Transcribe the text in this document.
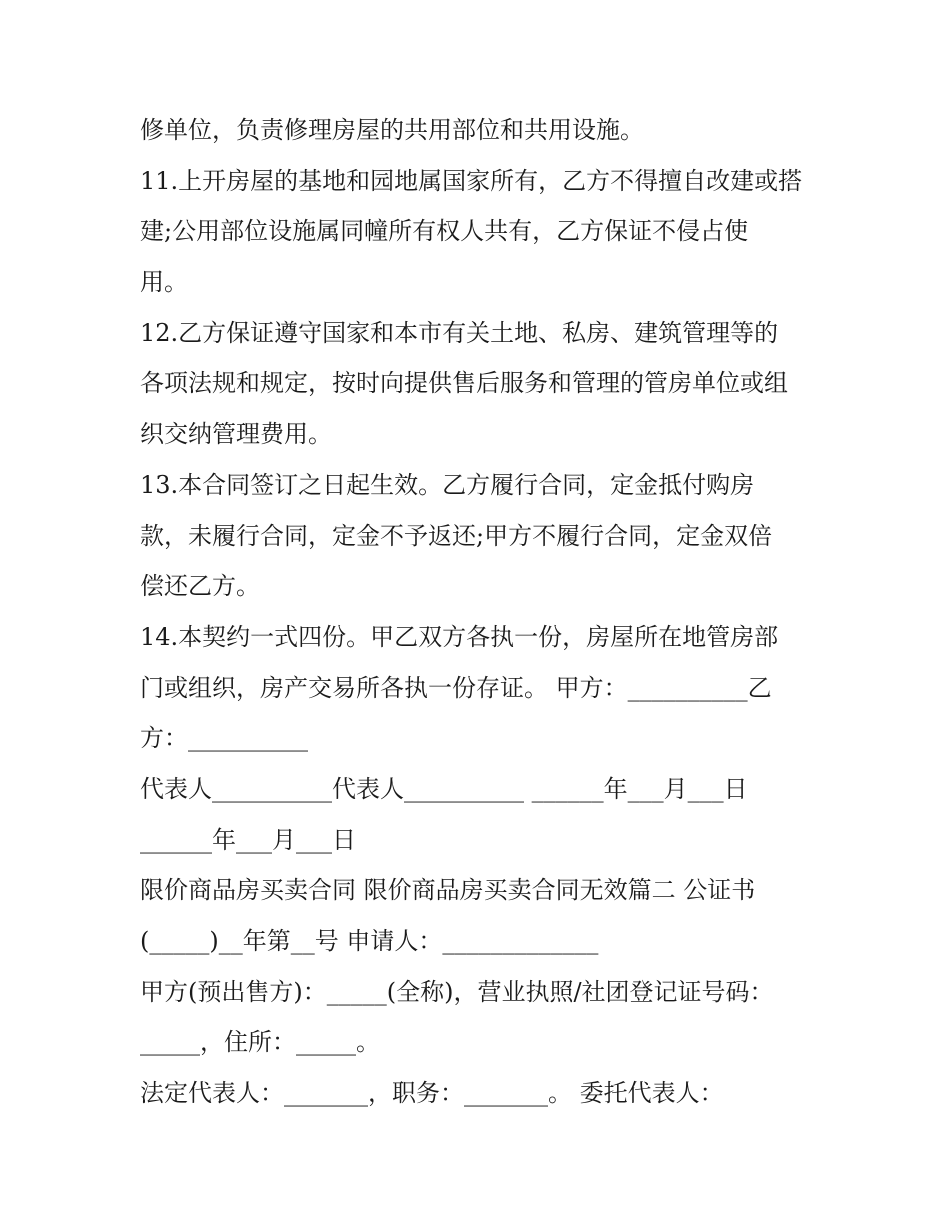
修单位，负责修理房屋的共用部位和共用设施。
11.上开房屋的基地和园地属国家所有，乙方不得擅自改建或搭
建;公用部位设施属同幢所有权人共有，乙方保证不侵占使
用。
12.乙方保证遵守国家和本市有关土地、私房、建筑管理等的
各项法规和规定，按时向提供售后服务和管理的管房单位或组
织交纳管理费用。
13.本合同签订之日起生效。乙方履行合同，定金抵付购房
款，未履行合同，定金不予返还;甲方不履行合同，定金双倍
偿还乙方。
14.本契约一式四份。甲乙双方各执一份，房屋所在地管房部
门或组织，房产交易所各执一份存证。 甲方：__________乙
方：__________
代表人__________代表人__________ ______年___月___日
______年___月___日
限价商品房买卖合同 限价商品房买卖合同无效篇二 公证书
(_____)__年第__号 申请人：_____________
甲方(预出售方)：_____(全称)，营业执照/社团登记证号码：
_____，住所：_____。
法定代表人：_______，职务：_______。 委托代表人：
